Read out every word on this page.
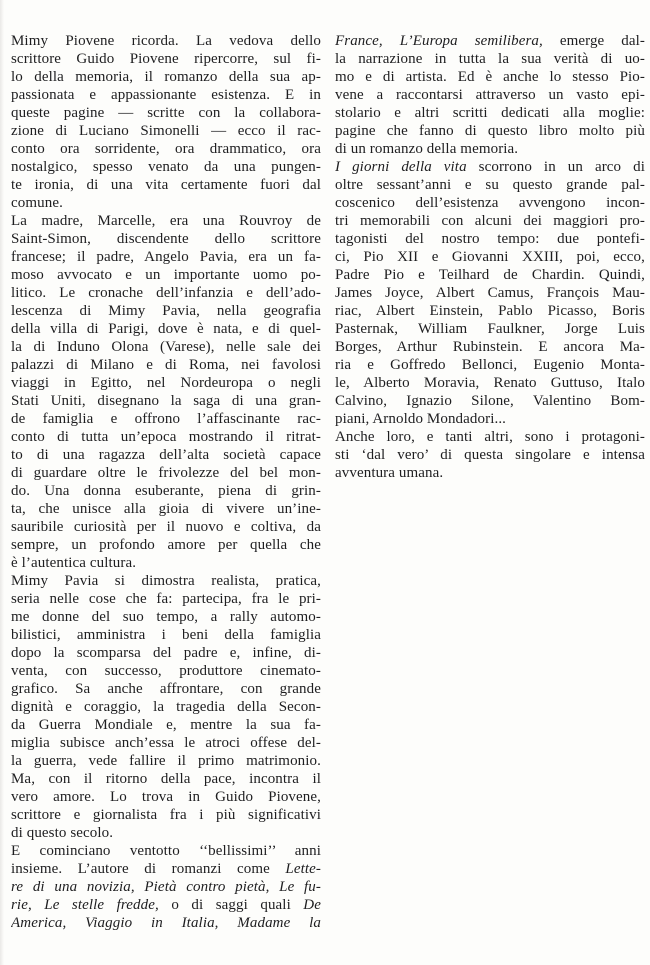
Mimy Piovene ricorda. La vedova dello
scrittore Guido Piovene ripercorre, sul fi-
lo della memoria, il romanzo della sua ap-
passionata e appassionante esistenza. E in
queste pagine — scritte con la collabora-
zione di Luciano Simonelli — ecco il rac-
conto ora sorridente, ora drammatico, ora
nostalgico, spesso venato da una pungen-
te ironia, di una vita certamente fuori dal
comune.
La madre, Marcelle, era una Rouvroy de
Saint-Simon, discendente dello scrittore
francese; il padre, Angelo Pavia, era un fa-
moso avvocato e un importante uomo po-
litico. Le cronache dell’infanzia e dell’ado-
lescenza di Mimy Pavia, nella geografia
della villa di Parigi, dove è nata, e di quel-
la di Induno Olona (Varese), nelle sale dei
palazzi di Milano e di Roma, nei favolosi
viaggi in Egitto, nel Nordeuropa o negli
Stati Uniti, disegnano la saga di una gran-
de famiglia e offrono l’affascinante rac-
conto di tutta un’epoca mostrando il ritrat-
to di una ragazza dell’alta società capace
di guardare oltre le frivolezze del bel mon-
do. Una donna esuberante, piena di grin-
ta, che unisce alla gioia di vivere un’ine-
sauribile curiosità per il nuovo e coltiva, da
sempre, un profondo amore per quella che
è l’autentica cultura.
Mimy Pavia si dimostra realista, pratica,
seria nelle cose che fa: partecipa, fra le pri-
me donne del suo tempo, a rally automo-
bilistici, amministra i beni della famiglia
dopo la scomparsa del padre e, infine, di-
venta, con successo, produttore cinemato-
grafico. Sa anche affrontare, con grande
dignità e coraggio, la tragedia della Secon-
da Guerra Mondiale e, mentre la sua fa-
miglia subisce anch’essa le atroci offese del-
la guerra, vede fallire il primo matrimonio.
Ma, con il ritorno della pace, incontra il
vero amore. Lo trova in Guido Piovene,
scrittore e giornalista fra i più significativi
di questo secolo.
E cominciano ventotto ‘‘bellissimi’’ anni
insieme. L’autore di romanzi come Lette-
re di una novizia, Pietà contro pietà, Le fu-
rie, Le stelle fredde, o di saggi quali De
America, Viaggio in Italia, Madame la
France, L’Europa semilibera, emerge dal-
la narrazione in tutta la sua verità di uo-
mo e di artista. Ed è anche lo stesso Pio-
vene a raccontarsi attraverso un vasto epi-
stolario e altri scritti dedicati alla moglie:
pagine che fanno di questo libro molto più
di un romanzo della memoria.
I giorni della vita scorrono in un arco di
oltre sessant’anni e su questo grande pal-
coscenico dell’esistenza avvengono incon-
tri memorabili con alcuni dei maggiori pro-
tagonisti del nostro tempo: due pontefi-
ci, Pio XII e Giovanni XXIII, poi, ecco,
Padre Pio e Teilhard de Chardin. Quindi,
James Joyce, Albert Camus, François Mau-
riac, Albert Einstein, Pablo Picasso, Boris
Pasternak, William Faulkner, Jorge Luis
Borges, Arthur Rubinstein. E ancora Ma-
ria e Goffredo Bellonci, Eugenio Monta-
le, Alberto Moravia, Renato Guttuso, Italo
Calvino, Ignazio Silone, Valentino Bom-
piani, Arnoldo Mondadori...
Anche loro, e tanti altri, sono i protagoni-
sti ‘dal vero’ di questa singolare e intensa
avventura umana.
